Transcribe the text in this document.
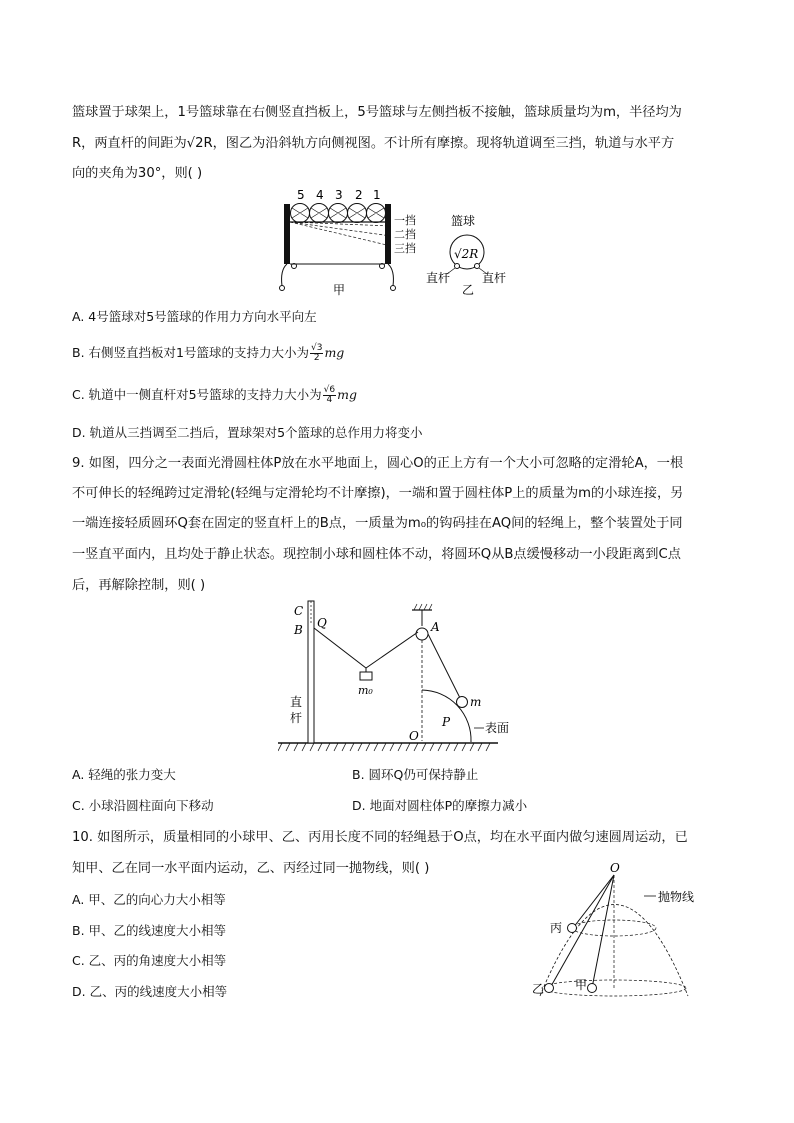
篮球置于球架上，1号篮球靠在右侧竖直挡板上，5号篮球与左侧挡板不接触，篮球质量均为m，半径均为
R，两直杆的间距为√2R，图乙为沿斜轨方向侧视图。不计所有摩擦。现将轨道调至三挡，轨道与水平方
向的夹角为30°，则( )
5 4 3 2 1
一挡
二挡
三挡
甲
篮球
√2R
直杆	直杆
乙
A. 4号篮球对5号篮球的作用力方向水平向左
B. 右侧竖直挡板对1号篮球的支持力大小为 $\frac{√3}{2}$ mg
C. 轨道中一侧直杆对5号篮球的支持力大小为 $\frac{√6}{4}$ mg
D. 轨道从三挡调至二挡后，置球架对5个篮球的总作用力将变小
9. 如图，四分之一表面光滑圆柱体P放在水平地面上，圆心O的正上方有一个大小可忽略的定滑轮A，一根
不可伸长的轻绳跨过定滑轮(轻绳与定滑轮均不计摩擦)，一端和置于圆柱体P上的质量为m的小球连接，另
一端连接轻质圆环Q套在固定的竖直杆上的B点，一质量为m₀的钩码挂在AQ间的轻绳上，整个装置处于同
一竖直平面内，且均处于静止状态。现控制小球和圆柱体不动，将圆环Q从B点缓慢移动一小段距离到C点
后，再解除控制，则( )
C
B Q
直
杆
A
m₀
P
O
m
表面
A. 轻绳的张力变大	B. 圆环Q仍可保持静止
C. 小球沿圆柱面向下移动	D. 地面对圆柱体P的摩擦力减小
10. 如图所示，质量相同的小球甲、乙、丙用长度不同的轻绳悬于O点，均在水平面内做匀速圆周运动，已
知甲、乙在同一水平面内运动，乙、丙经过同一抛物线，则( )
A. 甲、乙的向心力大小相等
B. 甲、乙的线速度大小相等
C. 乙、丙的角速度大小相等
D. 乙、丙的线速度大小相等
O
抛物线
丙
乙	甲
